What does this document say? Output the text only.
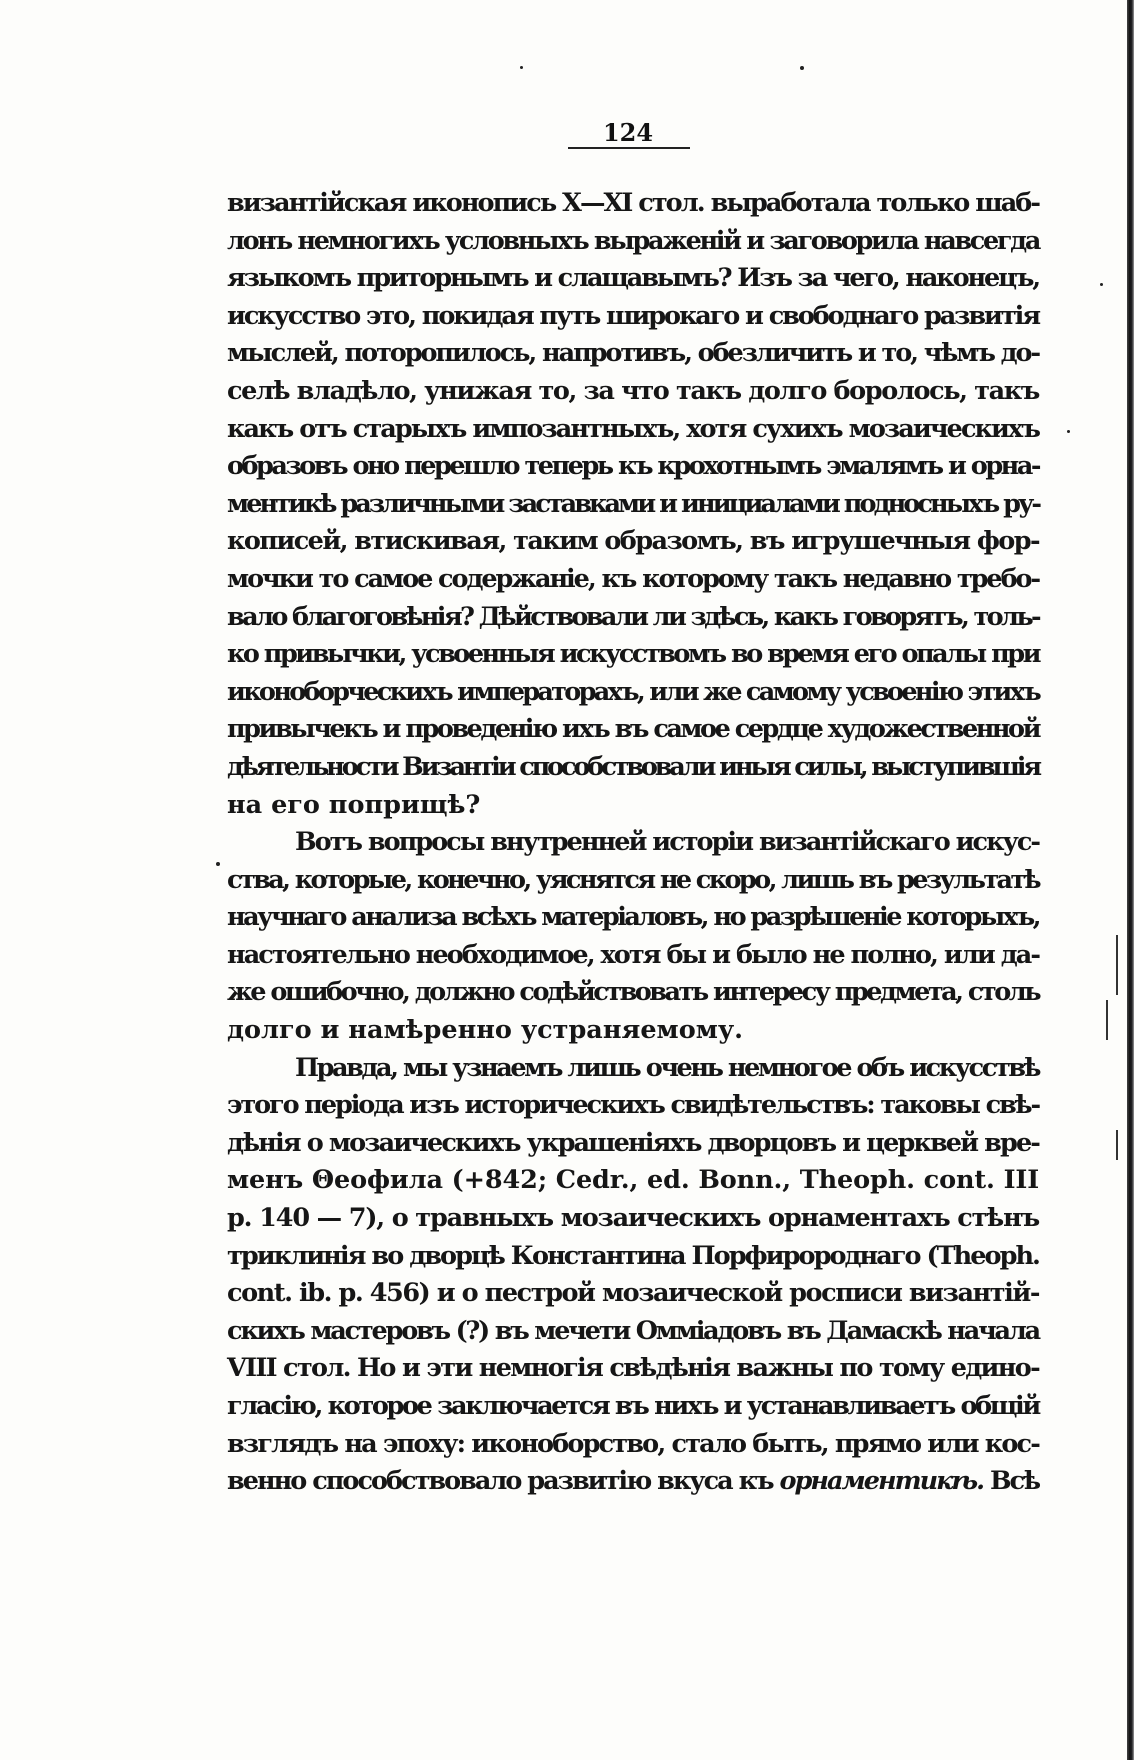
124

византійская иконопись X—XI стол. выработала только шаб-

лонъ немногихъ условныхъ выраженій и заговорила навсегда

языкомъ приторнымъ и слащавымъ? Изъ за чего, наконецъ,

искусство это, покидая путь широкаго и свободнаго развитія

мыслей, поторопилось, напротивъ, обезличить и то, чѣмъ до-

селѣ владѣло, унижая то, за что такъ долго боролось, такъ

какъ отъ старыхъ импозантныхъ, хотя сухихъ мозаическихъ

образовъ оно перешло теперь къ крохотнымъ эмалямъ и орна-

ментикѣ различными заставками и инициалами подносныхъ ру-

кописей, втискивая, таким образомъ, въ игрушечныя фор-

мочки то самое содержаніе, къ которому такъ недавно требо-

вало благоговѣнія? Дѣйствовали ли здѣсь, какъ говорятъ, толь-

ко привычки, усвоенныя искусствомъ во время его опалы при

иконоборческихъ императорахъ, или же самому усвоенію этихъ

привычекъ и проведенію ихъ въ самое сердце художественной

дѣятельности Византіи способствовали иныя силы, выступившія

на его поприщѣ?

Вотъ вопросы внутренней исторіи византійскаго искус-

ства, которые, конечно, уяснятся не скоро, лишь въ результатѣ

научнаго анализа всѣхъ матеріаловъ, но разрѣшеніе которыхъ,

настоятельно необходимое, хотя бы и было не полно, или да-

же ошибочно, должно содѣйствовать интересу предмета, столь

долго и намѣренно устраняемому.

Правда, мы узнаемъ лишь очень немногое объ искусствѣ

этого періода изъ историческихъ свидѣтельствъ: таковы свѣ-

дѣнія о мозаическихъ украшеніяхъ дворцовъ и церквей вре-

менъ Θеофила (+842; Cedr., ed. Bonn., Theoph. cont. III

p. 140 — 7), о травныхъ мозаическихъ орнаментахъ стѣнъ

триклинія во дворцѣ Константина Порфиророднаго (Theoph.

cont. ib. p. 456) и о пестрой мозаической росписи византій-

скихъ мастеровъ (?) въ мечети Оммiадовъ въ Дамаскѣ начала

VIII стол. Но и эти немногія свѣдѣнія важны по тому едино-

гласію, которое заключается въ нихъ и устанавливаетъ общій

взглядъ на эпоху: иконоборство, стало быть, прямо или кос-

венно способствовало развитію вкуса къ орнаментикѣ. Всѣ
